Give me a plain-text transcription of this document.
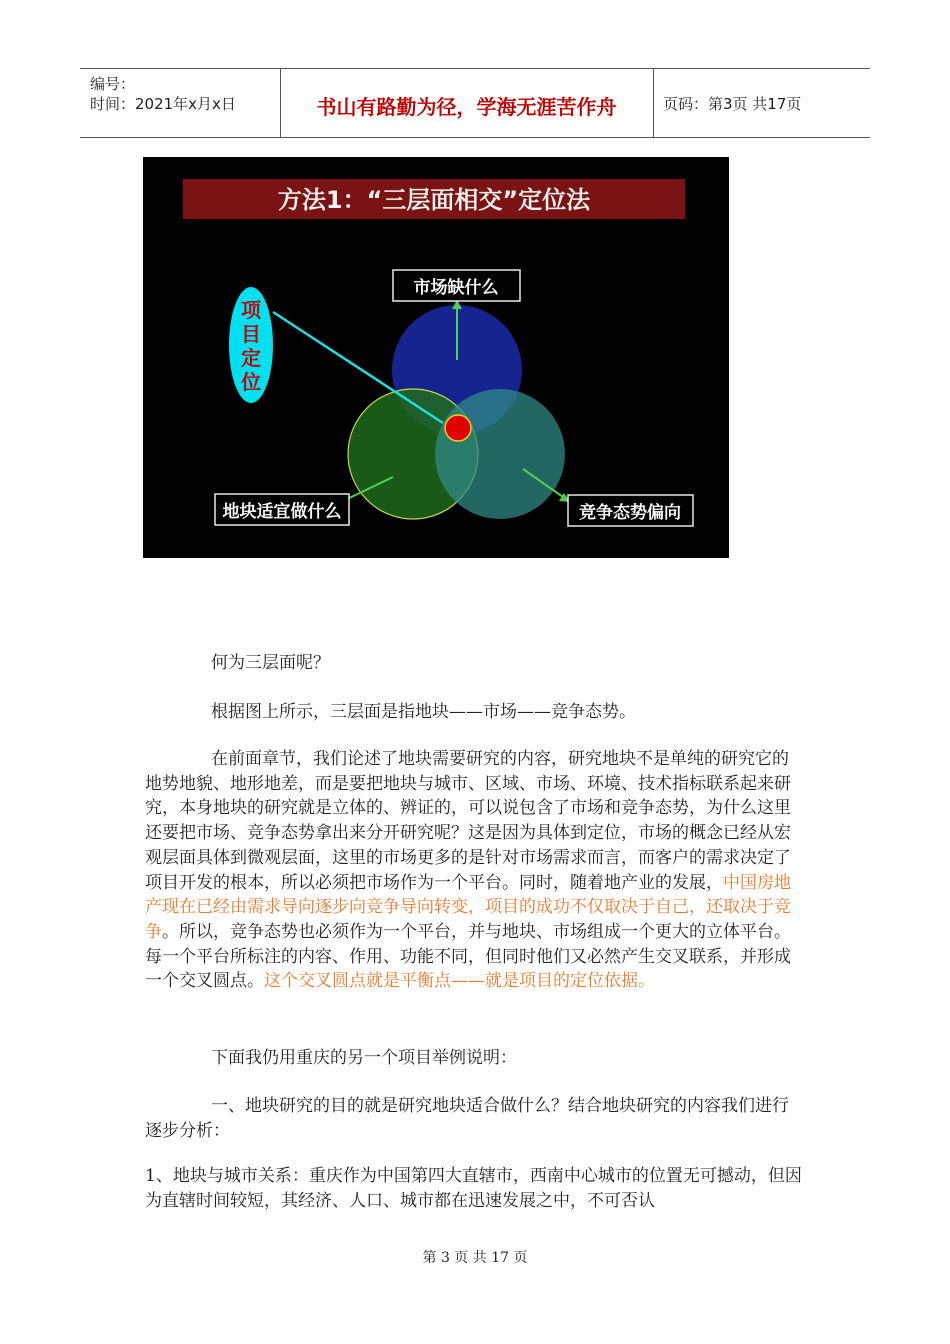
编号：
时间：2021年x月x日	书山有路勤为径，学海无涯苦作舟	页码：第3页 共17页
方法1：“三层面相交”定位法
项
目
定
位
市场缺什么
地块适宜做什么	竞争态势偏向
何为三层面呢？
根据图上所示，三层面是指地块——市场——竞争态势。
在前面章节，我们论述了地块需要研究的内容，研究地块不是单纯的研究它的地势地貌、地形地差，而是要把地块与城市、区域、市场、环境、技术指标联系起来研究，本身地块的研究就是立体的、辨证的，可以说包含了市场和竞争态势，为什么这里还要把市场、竞争态势拿出来分开研究呢？这是因为具体到定位，市场的概念已经从宏观层面具体到微观层面，这里的市场更多的是针对市场需求而言，而客户的需求决定了项目开发的根本，所以必须把市场作为一个平台。同时，随着地产业的发展，中国房地产现在已经由需求导向逐步向竞争导向转变，项目的成功不仅取决于自己，还取决于竞争。所以，竞争态势也必须作为一个平台，并与地块、市场组成一个更大的立体平台。每一个平台所标注的内容、作用、功能不同，但同时他们又必然产生交叉联系，并形成一个交叉圆点。这个交叉圆点就是平衡点——就是项目的定位依据。
下面我仍用重庆的另一个项目举例说明：
一、地块研究的目的就是研究地块适合做什么？结合地块研究的内容我们进行逐步分析：
1、地块与城市关系：重庆作为中国第四大直辖市，西南中心城市的位置无可撼动，但因为直辖时间较短，其经济、人口、城市都在迅速发展之中，不可否认
第 3 页 共 17 页
